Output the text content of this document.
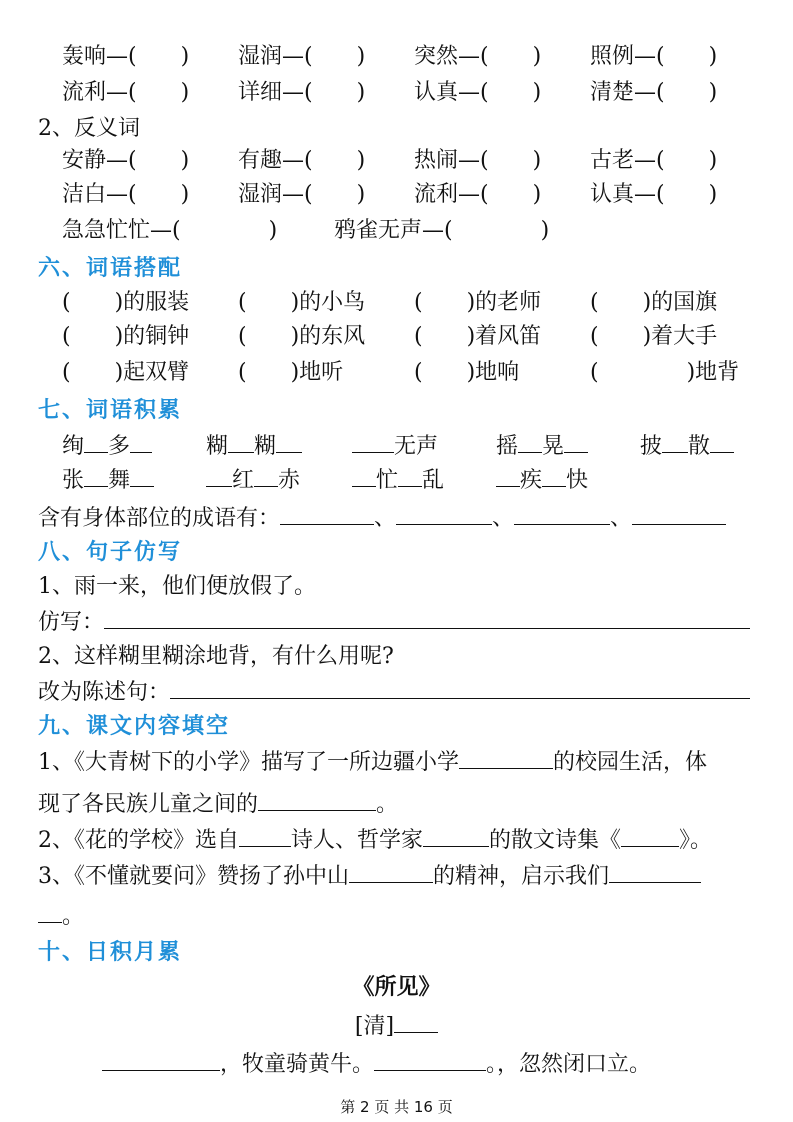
轰响—(　　) 湿润—(　　) 突然—(　　) 照例—(　　)
流利—(　　) 详细—(　　) 认真—(　　) 清楚—(　　)
2、反义词
安静—(　　) 有趣—(　　) 热闹—(　　) 古老—(　　)
洁白—(　　) 湿润—(　　) 流利—(　　) 认真—(　　)
急急忙忙—(　　　　)	鸦雀无声—(　　　　)
六、词语搭配
(　　)的服装 (　　)的小鸟 (　　)的老师 (　　)的国旗
(　　)的铜钟 (　　)的东风 (　　)着风笛 (　　)着大手
(　　)起双臂 (　　)地听	(　　)地响	(　　　　)地背
七、词语积累
绚 多	糊 糊	无声	摇 晃	披 散
张 舞	红 赤	忙 乱	疾 快
含有身体部位的成语有：	、	、	、
八、句子仿写
1、雨一来，他们便放假了。
仿写：
2、这样糊里糊涂地背，有什么用呢?
改为陈述句：
九、课文内容填空
1、《大青树下的小学》描写了一所边疆小学	的校园生活，体
现了各民族儿童之间的	。
2、《花的学校》选自 诗人、哲学家	的散文诗集《	》。
3、《不懂就要问》赞扬了孙中山	的精神，启示我们
。
十、日积月累
《所见》
[清]
，牧童骑黄牛。	。，忽然闭口立。
第 2 页 共 16 页
